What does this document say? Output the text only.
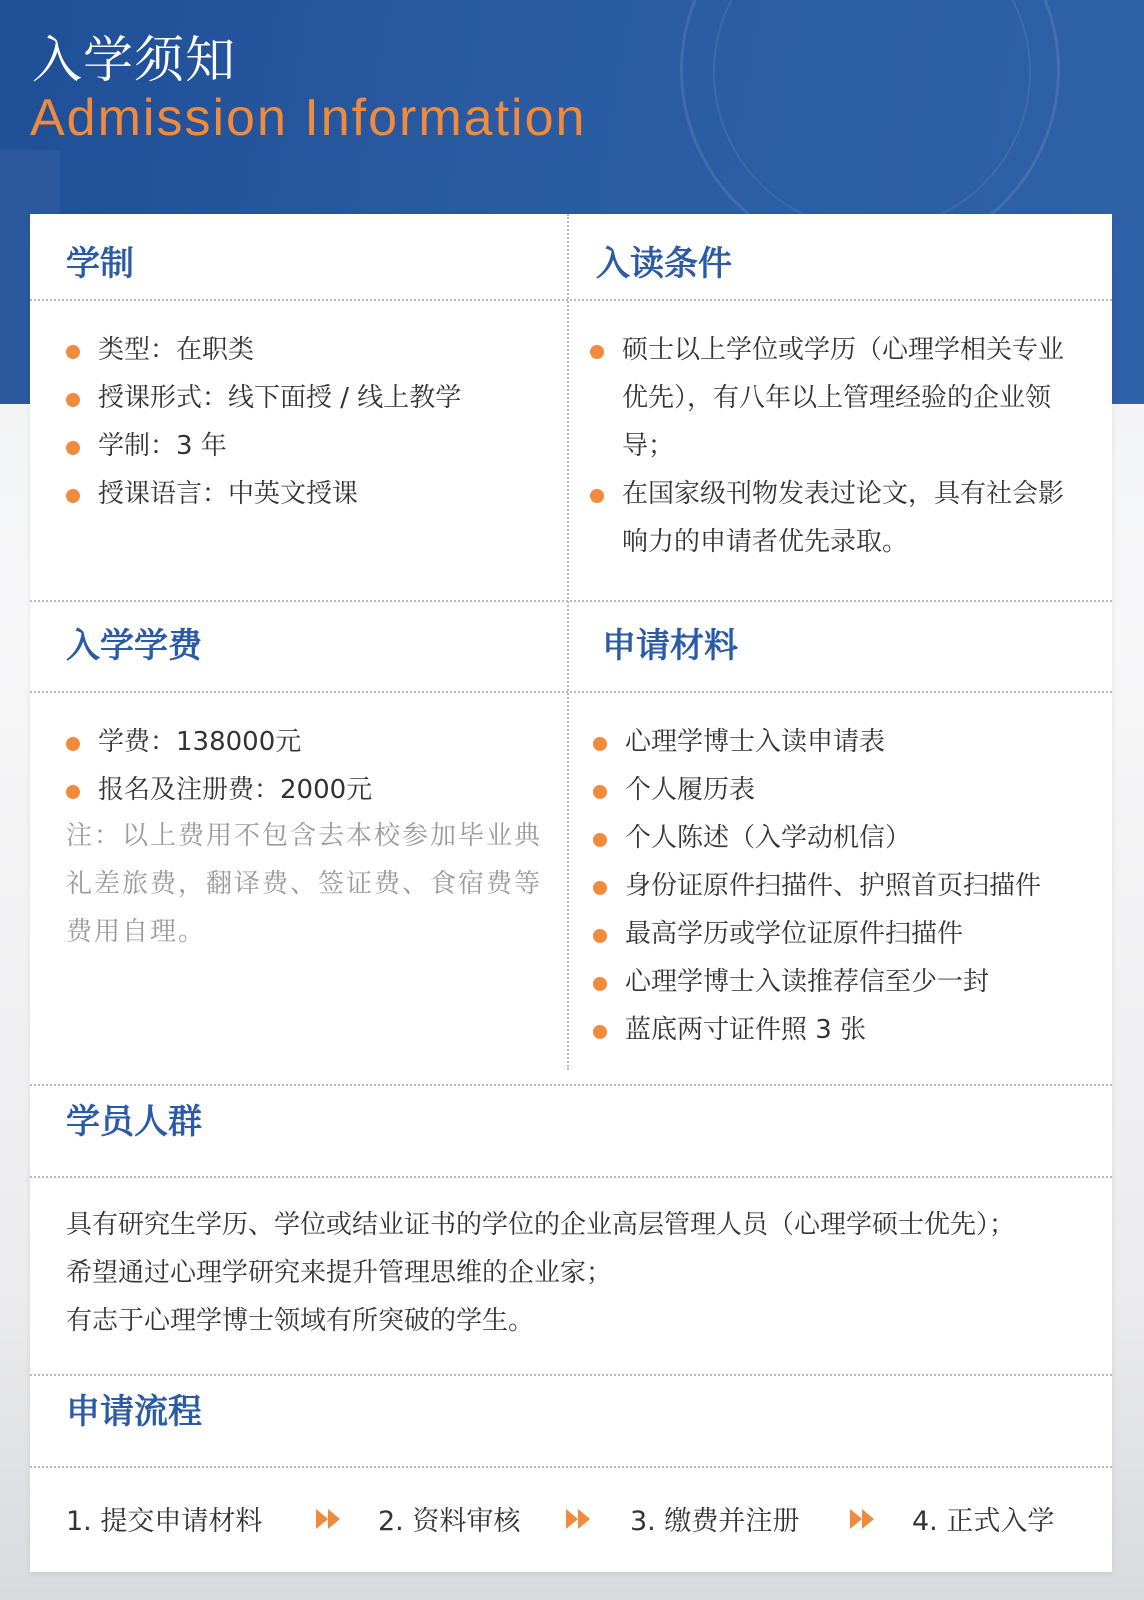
入学须知
Admission Information
学制	入读条件
类型：在职类
授课形式：线下面授 / 线上教学
学制：3 年
授课语言：中英文授课
硕士以上学位或学历（心理学相关专业优先），有八年以上管理经验的企业领导；
在国家级刊物发表过论文，具有社会影响力的申请者优先录取。
入学学费	申请材料
学费：138000元
报名及注册费：2000元
注：以上费用不包含去本校参加毕业典礼差旅费，翻译费、签证费、食宿费等费用自理。
心理学博士入读申请表
个人履历表
个人陈述（入学动机信）
身份证原件扫描件、护照首页扫描件
最高学历或学位证原件扫描件
心理学博士入读推荐信至少一封
蓝底两寸证件照 3 张
学员人群
具有研究生学历、学位或结业证书的学位的企业高层管理人员（心理学硕士优先）；
希望通过心理学研究来提升管理思维的企业家；
有志于心理学博士领域有所突破的学生。
申请流程
1. 提交申请材料	2. 资料审核	3. 缴费并注册	4. 正式入学
